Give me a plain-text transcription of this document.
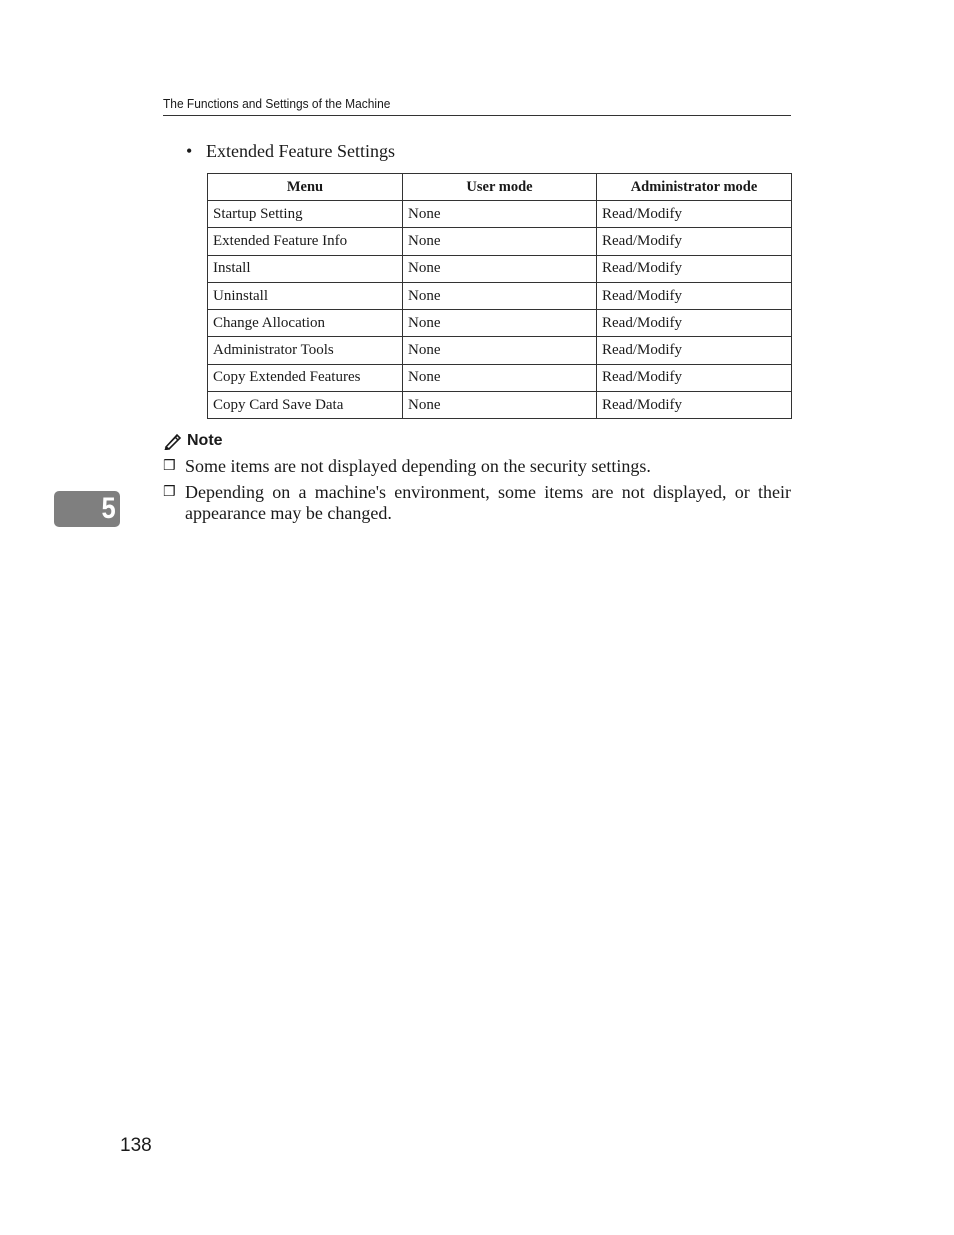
The Functions and Settings of the Machine
• Extended Feature Settings
Menu	User mode	Administrator mode
Startup Setting	None	Read/Modify
Extended Feature Info	None	Read/Modify
Install	None	Read/Modify
Uninstall	None	Read/Modify
Change Allocation	None	Read/Modify
Administrator Tools	None	Read/Modify
Copy Extended Features	None	Read/Modify
Copy Card Save Data	None	Read/Modify
Note
❒ Some items are not displayed depending on the security settings.
❒ Depending on a machine's environment, some items are not displayed, or their appearance may be changed.
5
138
